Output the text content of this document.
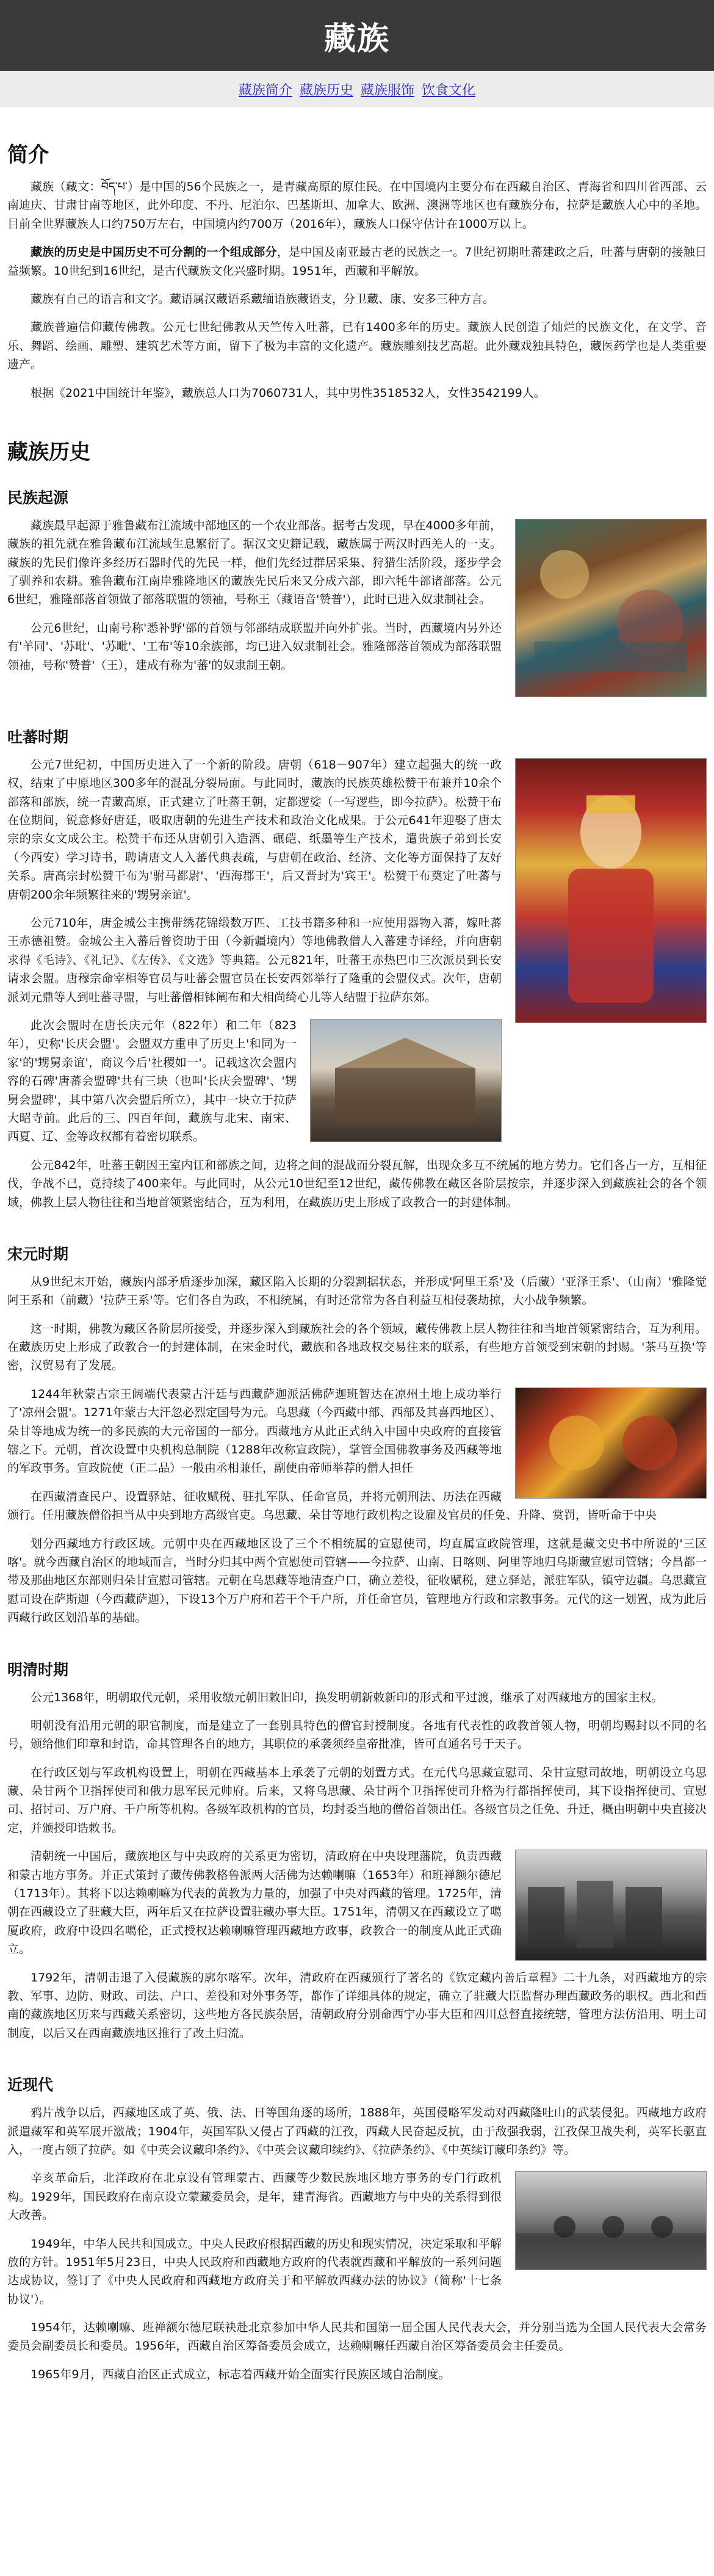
藏族
藏族简介 藏族历史 藏族服饰 饮食文化
简介

藏族（藏文：བོད་པ་）是中国的56个民族之一，是青藏高原的原住民。在中国境内主要分布在西藏自治区、青海省和四川省西部、云南迪庆、甘肃甘南等地区，此外印度、不丹、尼泊尔、巴基斯坦、加拿大、欧洲、澳洲等地区也有藏族分布，拉萨是藏族人心中的圣地。目前全世界藏族人口约750万左右，中国境内约700万（2016年），藏族人口保守估计在1000万以上。

藏族的历史是中国历史不可分割的一个组成部分，是中国及南亚最古老的民族之一。7世纪初期吐蕃建政之后，吐蕃与唐朝的接触日益频繁。10世纪到16世纪，是古代藏族文化兴盛时期。1951年，西藏和平解放。

藏族有自己的语言和文字。藏语属汉藏语系藏缅语族藏语支，分卫藏、康、安多三种方言。

藏族普遍信仰藏传佛教。公元七世纪佛教从天竺传入吐蕃，已有1400多年的历史。藏族人民创造了灿烂的民族文化，在文学、音乐、舞蹈、绘画、雕塑、建筑艺术等方面，留下了极为丰富的文化遗产。藏族雕刻技艺高超。此外藏戏独具特色，藏医药学也是人类重要遗产。

根据《2021中国统计年鉴》，藏族总人口为7060731人，其中男性3518532人，女性3542199人。

藏族历史
民族起源

藏族最早起源于雅鲁藏布江流域中部地区的一个农业部落。据考古发现，早在4000多年前，藏族的祖先就在雅鲁藏布江流域生息繁衍了。据汉文史籍记载，藏族属于两汉时西羌人的一支。藏族的先民们像许多经历石器时代的先民一样，他们先经过群居采集、狩猎生活阶段，逐步学会了驯养和农耕。雅鲁藏布江南岸雅隆地区的藏族先民后来又分成六部，即六牦牛部诸部落。公元6世纪，雅隆部落首领做了部落联盟的领袖，号称王（藏语音'赞普'），此时已进入奴隶制社会。

公元6世纪，山南号称'悉补野'部的首领与邻部结成联盟并向外扩张。当时，西藏境内另外还有'羊同'、'苏毗'、'苏毗'、'工布'等10余族部，均已进入奴隶制社会。雅隆部落首领成为部落联盟领袖，号称'赞普'（王），建成有称为'蕃'的奴隶制王朝。

吐蕃时期

公元7世纪初，中国历史进入了一个新的阶段。唐朝（618－907年）建立起强大的统一政权，结束了中原地区300多年的混乱分裂局面。与此同时，藏族的民族英雄松赞干布兼并10余个部落和部族，统一青藏高原，正式建立了吐蕃王朝，定都逻娑（一写逻些，即今拉萨）。松赞干布在位期间，锐意修好唐廷，吸取唐朝的先进生产技术和政治文化成果。于公元641年迎娶了唐太宗的宗女文成公主。松赞干布还从唐朝引入造酒、碾硙、纸墨等生产技术，遣贵族子弟到长安（今西安）学习诗书，聘请唐文人入蕃代典表疏，与唐朝在政治、经济、文化等方面保持了友好关系。唐高宗封松赞干布为'驸马都尉'、'西海郡王'，后又晋封为'宾王'。松赞干布奠定了吐蕃与唐朝200余年频繁往来的'甥舅亲谊'。

公元710年，唐金城公主携带绣花锦缎数万匹、工技书籍多种和一应使用器物入蕃，嫁吐蕃王赤德祖赞。金城公主入蕃后曾资助于田（今新疆境内）等地佛教僧人入蕃建寺译经，并向唐朝求得《毛诗》、《礼记》、《左传》、《文选》等典籍。公元821年，吐蕃王赤热巴巾三次派员到长安请求会盟。唐穆宗命宰相等官员与吐蕃会盟官员在长安西郊举行了隆重的会盟仪式。次年，唐朝派刘元鼎等人到吐蕃寻盟，与吐蕃僧相钵阐布和大相尚绮心儿等人结盟于拉萨东郊。

此次会盟时在唐长庆元年（822年）和二年（823年），史称'长庆会盟'。会盟双方重申了历史上'和同为一家'的'甥舅亲谊'，商议今后'社稷如一'。记载这次会盟内容的石碑'唐蕃会盟碑'共有三块（也叫'长庆会盟碑'、'甥舅会盟碑'，其中第八次会盟后所立），其中一块立于拉萨大昭寺前。此后的三、四百年间，藏族与北宋、南宋、西夏、辽、金等政权都有着密切联系。

公元842年，吐蕃王朝因王室内讧和部族之间，边将之间的混战而分裂瓦解，出现众多互不统属的地方势力。它们各占一方，互相征伐，争战不已，竟持续了400来年。与此同时，从公元10世纪至12世纪，藏传佛教在藏区各阶层按宗，并逐步深入到藏族社会的各个领域，佛教上层人物往往和当地首领紧密结合，互为利用，在藏族历史上形成了政教合一的封建体制。

宋元时期

从9世纪末开始，藏族内部矛盾逐步加深，藏区陷入长期的分裂割据状态，并形成'阿里王系'及（后藏）'亚泽王系'、（山南）'雅隆觉阿王系和（前藏）'拉萨王系'等。它们各自为政，不相统属，有时还常常为各自利益互相侵袭劫掠，大小战争频繁。

这一时期，佛教为藏区各阶层所接受，并逐步深入到藏族社会的各个领域，藏传佛教上层人物往往和当地首领紧密结合，互为利用。在藏族历史上形成了政教合一的封建体制，在宋金时代，藏族和各地政权交易往来的联系，有些地方首领受到宋朝的封赐。'茶马互换'等密，汉贸易有了发展。

1244年秋蒙古宗王阔端代表蒙古汗廷与西藏萨迦派活佛萨迦班智达在凉州土地上成功举行了'凉州会盟'。1271年蒙古大汗忽必烈定国号为元。乌思藏（今西藏中部、西部及其喜西地区）、朵甘等地成为统一的多民族的大元帝国的一部分。西藏地方从此正式纳入中国中央政府的直接管辖之下。元朝，首次设置中央机构总制院（1288年改称宣政院），掌管全国佛教事务及西藏等地的军政事务。宣政院使（正二品）一般由丞相兼任，副使由帝师举荐的僧人担任

在西藏清查民户、设置驿站、征收赋税、驻扎军队、任命官员，并将元朝刑法、历法在西藏颁行。任用藏族僧俗担当从中央到地方高级官吏。乌思藏、朵甘等地行政机构之设雇及官员的任免、升降、赏罚，皆听命于中央

划分西藏地方行政区域。元朝中央在西藏地区设了三个不相统属的宣慰使司，均直属宣政院管理，这就是藏文史书中所说的'三区喀'。就今西藏自治区的地域而言，当时分归其中两个宣慰使司管辖——今拉萨、山南、日喀则、阿里等地归乌斯藏宣慰司管辖；今昌都一带及那曲地区东部则归朵甘宣慰司管辖。元朝在乌思藏等地清查户口，确立差役，征收赋税，建立驿站，派驻军队，镇守边疆。乌思藏宣慰司设在萨斯迦（今西藏萨迦），下设13个万户府和若干个千户所，并任命官员，管理地方行政和宗教事务。元代的这一划置，成为此后西藏行政区划沿革的基础。

明清时期

公元1368年，明朝取代元朝，采用收缴元朝旧敕旧印，换发明朝新敕新印的形式和平过渡，继承了对西藏地方的国家主权。

明朝没有沿用元朝的职官制度，而是建立了一套别具特色的僧官封授制度。各地有代表性的政教首领人物，明朝均赐封以不同的名号，颁给他们印章和封诰，命其管理各自的地方，其职位的承袭须经皇帝批准，皆可直通名号于天子。

在行政区划与军政机构设置上，明朝在西藏基本上承袭了元朝的划置方式。在元代乌思藏宣慰司、朵甘宣慰司故地，明朝设立乌思藏、朵甘两个卫指挥使司和俄力思军民元帅府。后来，又将乌思藏、朵甘两个卫指挥使司升格为行都指挥使司，其下设指挥使司、宣慰司、招讨司、万户府、千户所等机构。各级军政机构的官员，均封委当地的僧俗首领出任。各级官员之任免、升迁，概由明朝中央直接决定，并颁授印诰敕书。

清朝统一中国后，藏族地区与中央政府的关系更为密切，清政府在中央设理藩院，负责西藏和蒙古地方事务。并正式策封了藏传佛教格鲁派两大活佛为达赖喇嘛（1653年）和班禅额尔德尼（1713年）。其将下以达赖喇嘛为代表的黄教为力量的，加强了中央对西藏的管理。1725年，清朝在西藏设立了驻藏大臣，两年后又在拉萨设置驻藏办事大臣。1751年，清朝又在西藏设立了噶厦政府，政府中设四名噶伦，正式授权达赖喇嘛管理西藏地方政事，政教合一的制度从此正式确立。

1792年，清朝击退了入侵藏族的廓尔喀军。次年，清政府在西藏颁行了著名的《钦定藏内善后章程》二十九条，对西藏地方的宗教、军事、边防、财政、司法、户口、差役和对外事务等，都作了详细具体的规定，确立了驻藏大臣监督办理西藏政务的职权。西北和西南的藏族地区历来与西藏关系密切，这些地方各民族杂居，清朝政府分别命西宁办事大臣和四川总督直接统辖，管理方法仿沿用、明土司制度，以后又在西南藏族地区推行了改土归流。

近现代

鸦片战争以后，西藏地区成了英、俄、法、日等国角逐的场所，1888年，英国侵略军发动对西藏隆吐山的武装侵犯。西藏地方政府派遣藏军和英军展开激战；1904年，英国军队又侵占了西藏的江孜，西藏人民奋起反抗，由于敌强我弱，江孜保卫战失利，英军长驱直入，一度占领了拉萨。如《中英会议藏印条约》、《中英会议藏印续约》、《拉萨条约》、《中英续订藏印条约》等。

辛亥革命后，北洋政府在北京设有管理蒙古、西藏等少数民族地区地方事务的专门行政机构。1929年，国民政府在南京设立蒙藏委员会，是年，建青海省。西藏地方与中央的关系得到很大改善。

1949年，中华人民共和国成立。中央人民政府根据西藏的历史和现实情况，决定采取和平解放的方针。1951年5月23日，中央人民政府和西藏地方政府的代表就西藏和平解放的一系列问题达成协议，签订了《中央人民政府和西藏地方政府关于和平解放西藏办法的协议》（简称'十七条协议'）。

1954年，达赖喇嘛、班禅额尔德尼联袂赴北京参加中华人民共和国第一届全国人民代表大会，并分别当选为全国人民代表大会常务委员会副委员长和委员。1956年，西藏自治区筹备委员会成立，达赖喇嘛任西藏自治区筹备委员会主任委员。

1965年9月，西藏自治区正式成立，标志着西藏开始全面实行民族区域自治制度。
